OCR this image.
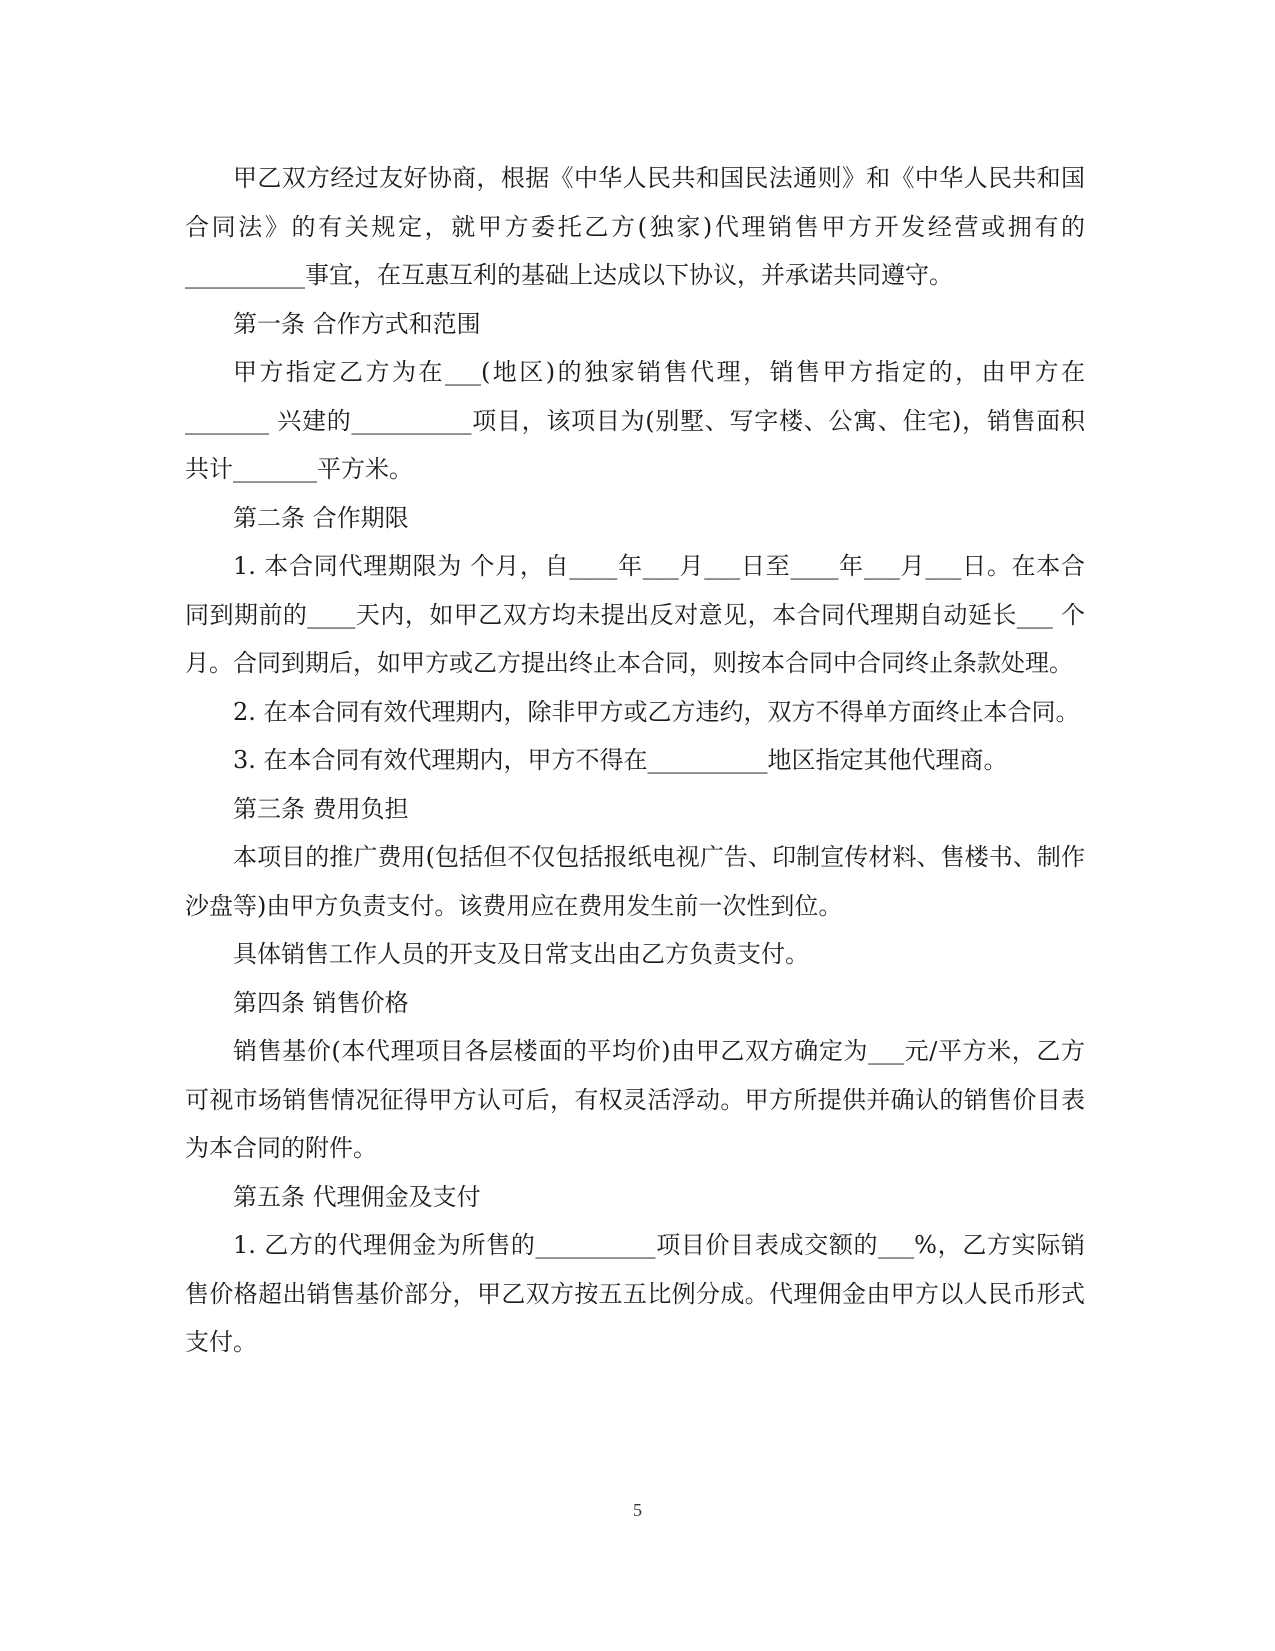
甲乙双方经过友好协商，根据《中华人民共和国民法通则》和《中华人民共和国合同法》的有关规定，就甲方委托乙方(独家)代理销售甲方开发经营或拥有的__________事宜，在互惠互利的基础上达成以下协议，并承诺共同遵守。

第一条 合作方式和范围

甲方指定乙方为在___(地区)的独家销售代理，销售甲方指定的，由甲方在_______ 兴建的__________项目，该项目为(别墅、写字楼、公寓、住宅)，销售面积共计_______平方米。

第二条 合作期限

1. 本合同代理期限为 个月，自____年___月___日至____年___月___日。在本合同到期前的____天内，如甲乙双方均未提出反对意见，本合同代理期自动延长___ 个月。合同到期后，如甲方或乙方提出终止本合同，则按本合同中合同终止条款处理。

2. 在本合同有效代理期内，除非甲方或乙方违约，双方不得单方面终止本合同。

3. 在本合同有效代理期内，甲方不得在__________地区指定其他代理商。

第三条 费用负担

本项目的推广费用(包括但不仅包括报纸电视广告、印制宣传材料、售楼书、制作沙盘等)由甲方负责支付。该费用应在费用发生前一次性到位。

具体销售工作人员的开支及日常支出由乙方负责支付。

第四条 销售价格

销售基价(本代理项目各层楼面的平均价)由甲乙双方确定为___元/平方米，乙方可视市场销售情况征得甲方认可后，有权灵活浮动。甲方所提供并确认的销售价目表为本合同的附件。

第五条 代理佣金及支付

1. 乙方的代理佣金为所售的__________项目价目表成交额的___%，乙方实际销售价格超出销售基价部分，甲乙双方按五五比例分成。代理佣金由甲方以人民币形式支付。

5
